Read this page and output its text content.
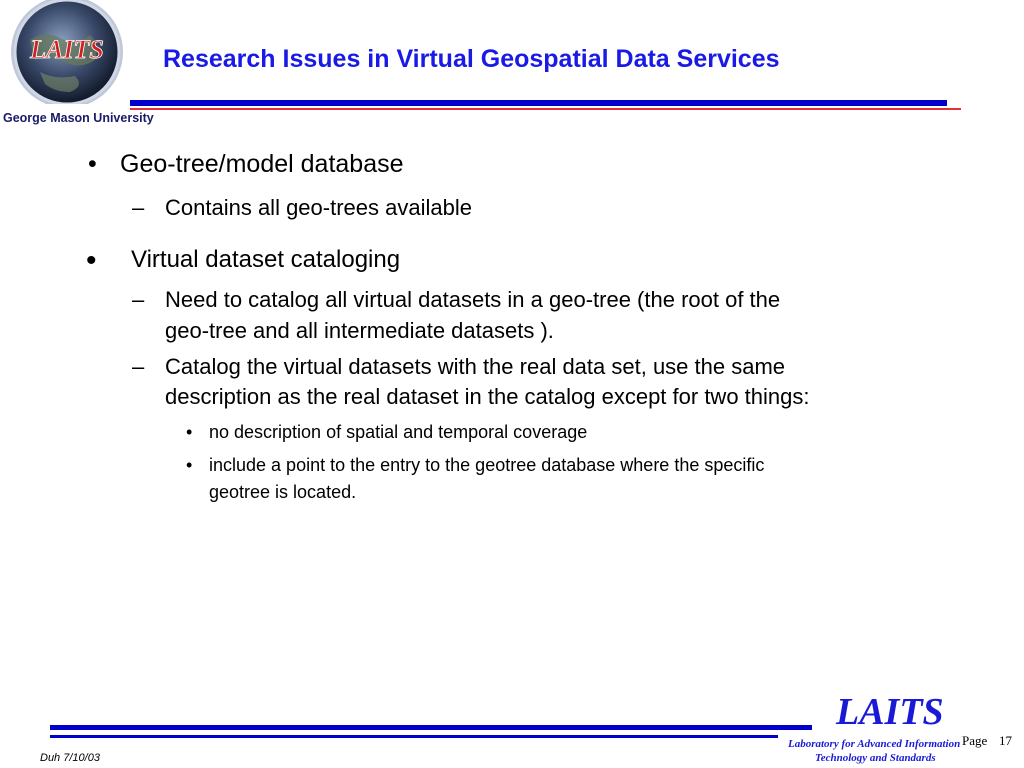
LAITS
George Mason University
Research Issues in Virtual Geospatial Data Services
• Geo-tree/model database
– Contains all geo-trees available
• Virtual dataset cataloging
– Need to catalog all virtual datasets in a geo-tree (the root of the
geo-tree and all intermediate datasets ).
– Catalog the virtual datasets with the real data set, use the same
description as the real dataset in the catalog except for two things:
• no description of spatial and temporal coverage
• include a point to the entry to the geotree database where the specific
geotree is located.
LAITS
Laboratory for Advanced Information
Technology and Standards
Page 17
Duh 7/10/03
